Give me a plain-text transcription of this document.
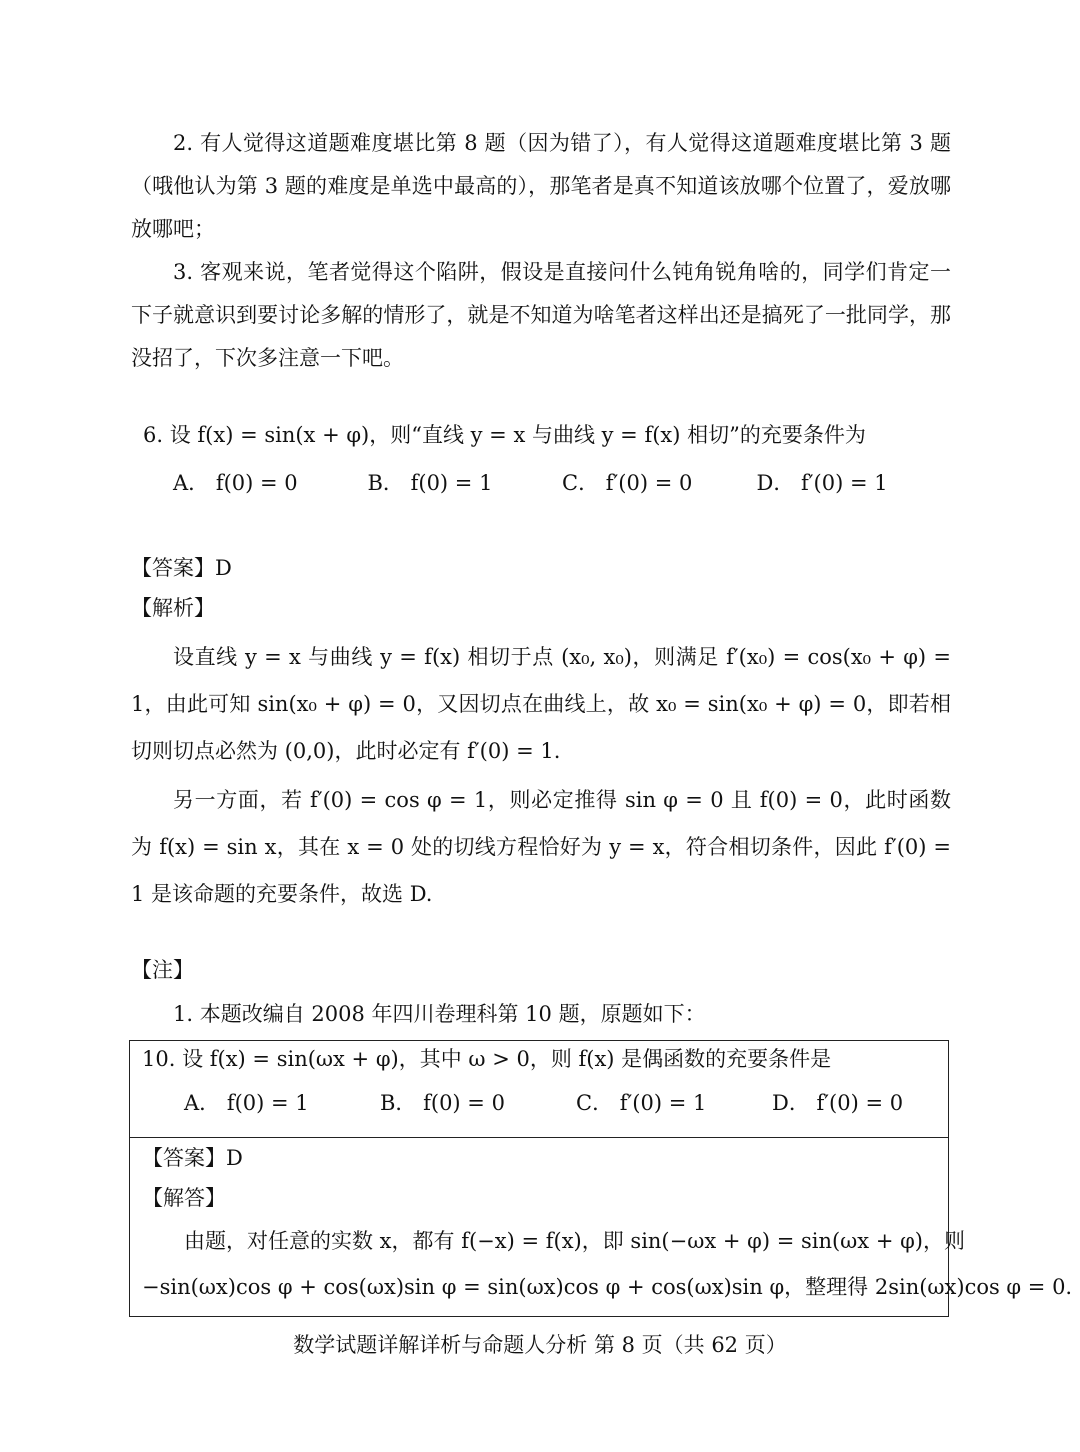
2. 有人觉得这道题难度堪比第 8 题（因为错了），有人觉得这道题难度堪比第 3 题（哦他认为第 3 题的难度是单选中最高的），那笔者是真不知道该放哪个位置了，爱放哪放哪吧；

3. 客观来说，笔者觉得这个陷阱，假设是直接问什么钝角锐角啥的，同学们肯定一下子就意识到要讨论多解的情形了，就是不知道为啥笔者这样出还是搞死了一批同学，那没招了，下次多注意一下吧。

6. 设 f(x) = sin(x + φ)，则“直线 y = x 与曲线 y = f(x) 相切”的充要条件为

A． f(0) = 0	B． f(0) = 1	C． f′(0) = 0	D． f′(0) = 1
【答案】D
【解析】

设直线 y = x 与曲线 y = f(x) 相切于点 (x₀, x₀)，则满足 f′(x₀) = cos(x₀ + φ) = 1，由此可知 sin(x₀ + φ) = 0，又因切点在曲线上，故 x₀ = sin(x₀ + φ) = 0，即若相切则切点必然为 (0,0)，此时必定有 f′(0) = 1.

另一方面，若 f′(0) = cos φ = 1，则必定推得 sin φ = 0 且 f(0) = 0，此时函数为 f(x) = sin x，其在 x = 0 处的切线方程恰好为 y = x，符合相切条件，因此 f′(0) = 1 是该命题的充要条件，故选 D.

【注】

1. 本题改编自 2008 年四川卷理科第 10 题，原题如下：

10. 设 f(x) = sin(ωx + φ)，其中 ω > 0，则 f(x) 是偶函数的充要条件是
A． f(0) = 1	B． f(0) = 0	C． f′(0) = 1	D． f′(0) = 0
【答案】D
【解答】
由题，对任意的实数 x，都有 f(−x) = f(x)，即 sin(−ωx + φ) = sin(ωx + φ)，则
−sin(ωx)cos φ + cos(ωx)sin φ = sin(ωx)cos φ + cos(ωx)sin φ，整理得 2sin(ωx)cos φ = 0.
数学试题详解详析与命题人分析 第 8 页（共 62 页）
